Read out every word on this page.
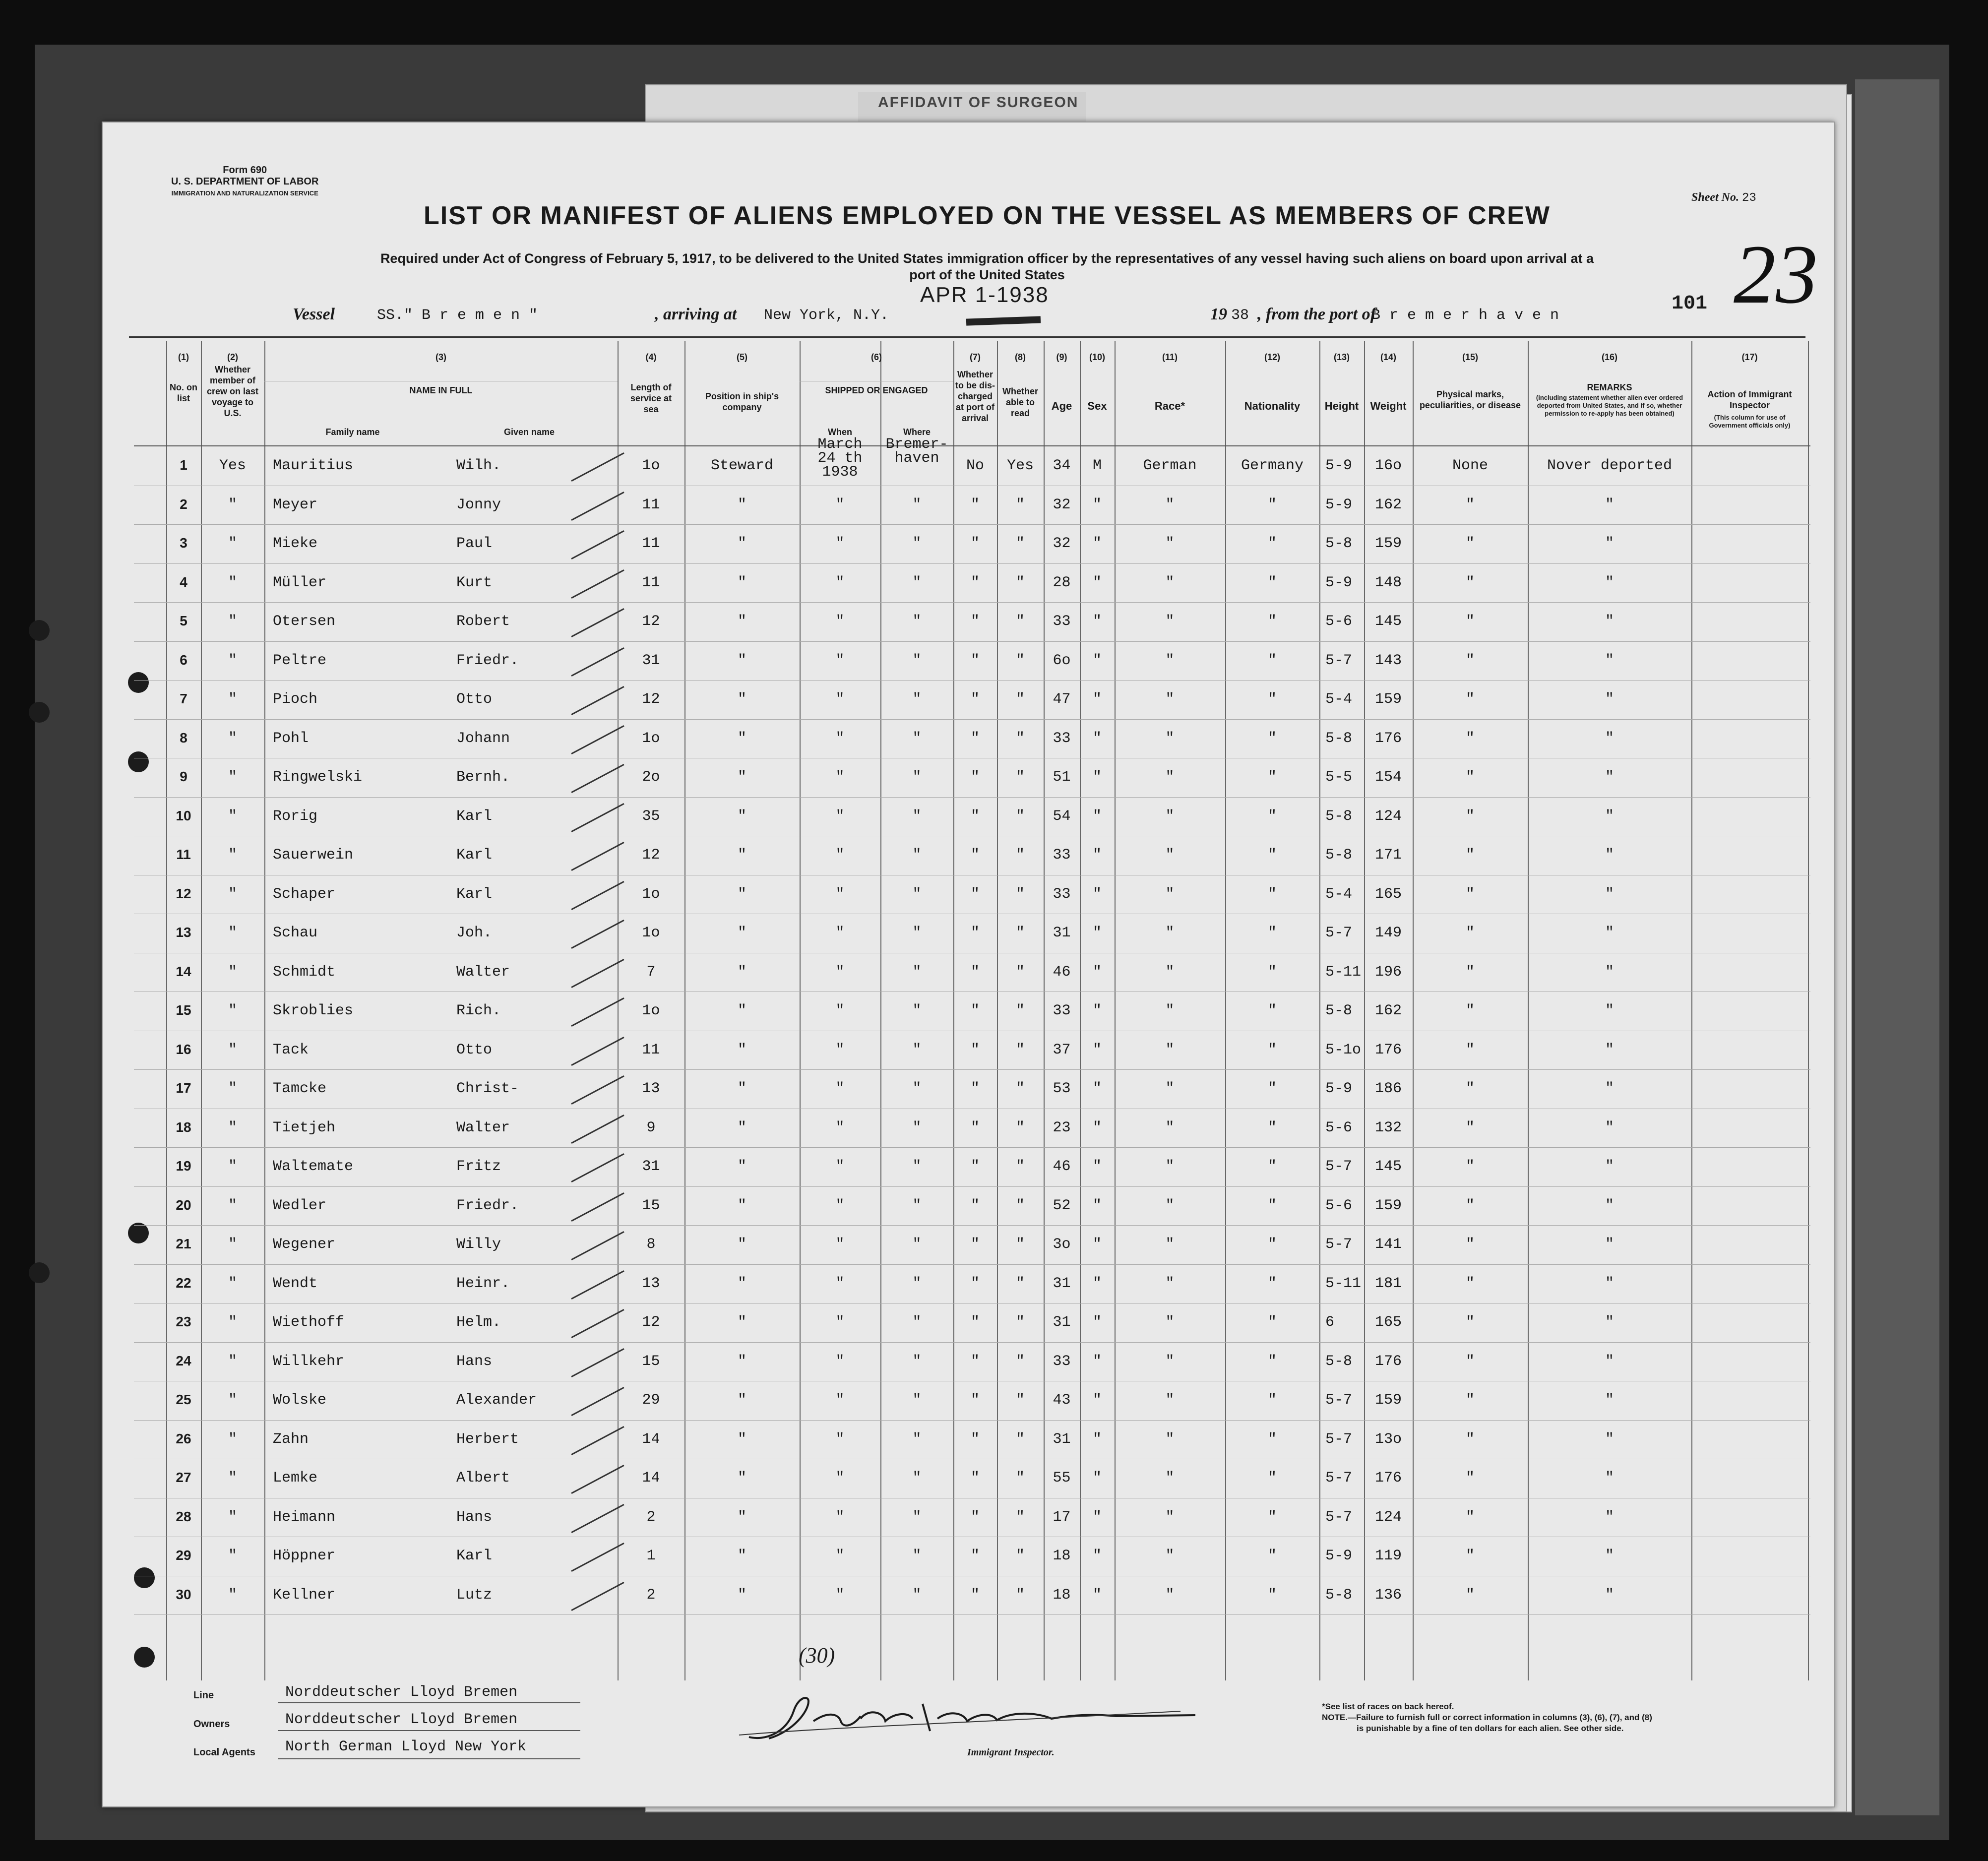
AFFIDAVIT OF SURGEON
Form 690
U. S. DEPARTMENT OF LABOR
IMMIGRATION AND NATURALIZATION SERVICE
LIST OR MANIFEST OF ALIENS EMPLOYED ON THE VESSEL AS MEMBERS OF CREW
Sheet No. 23
Required under Act of Congress of February 5, 1917, to be delivered to the United States immigration officer by the representatives of any vessel having such aliens on board upon arrival at a
port of the United States	23
101
Vessel	SS." B r e m e n "	, arriving at New York, N.Y.
APR 1-1938
19 38 , from the port of
B r e m e r h a v e n
(1)
No. on list
(2)
Whether member of crew on last voyage to U.S.
(3)
NAME IN FULL
Family name	Given name
(4)
Length of service at sea
(5)
Position in ship's company
(6)
SHIPPED OR ENGAGED
When	Where
(7)
Whether to be dis-charged at port of arrival
(8)
Whether able to read
(9)
Age
(10)
Sex
(11)
Race*
(12)
Nationality
(13)
Height
(14)
Weight
(15)
Physical marks, peculiarities, or disease
(16)
REMARKS
(including statement whether alien ever ordered deported from United States, and if so, whether permission to re-apply has been obtained)
(17)
Action of Immigrant Inspector
(This column for use of Government officials only)
1	Yes	Mauritius	Wilh.	1o	Steward
March
24 th
1938
Bremer-
haven	No	Yes	34	M	German	Germany	5-9	16o	None	Nover deported
2	"	Meyer	Jonny	11	"	"	"	"	"	32	"	"	"	5-9	162	"	"
3	"	Mieke	Paul	11	"	"	"	"	"	32	"	"	"	5-8	159	"	"
4	"	Müller	Kurt	11	"	"	"	"	"	28	"	"	"	5-9	148	"	"
5	"	Otersen	Robert	12	"	"	"	"	"	33	"	"	"	5-6	145	"	"
6	"	Peltre	Friedr.	31	"	"	"	"	"	6o	"	"	"	5-7	143	"	"
7	"	Pioch	Otto	12	"	"	"	"	"	47	"	"	"	5-4	159	"	"
8	"	Pohl	Johann	1o	"	"	"	"	"	33	"	"	"	5-8	176	"	"
9	"	Ringwelski	Bernh.	2o	"	"	"	"	"	51	"	"	"	5-5	154	"	"
10	"	Rorig	Karl	35	"	"	"	"	"	54	"	"	"	5-8	124	"	"
11	"	Sauerwein	Karl	12	"	"	"	"	"	33	"	"	"	5-8	171	"	"
12	"	Schaper	Karl	1o	"	"	"	"	"	33	"	"	"	5-4	165	"	"
13	"	Schau	Joh.	1o	"	"	"	"	"	31	"	"	"	5-7	149	"	"
14	"	Schmidt	Walter	7	"	"	"	"	"	46	"	"	"	5-11 196	"	"
15	"	Skroblies	Rich.	1o	"	"	"	"	"	33	"	"	"	5-8	162	"	"
16	"	Tack	Otto	11	"	"	"	"	"	37	"	"	"	5-1o 176	"	"
17	"	Tamcke	Christ-	13	"	"	"	"	"	53	"	"	"	5-9	186	"	"
18	"	Tietjeh	Walter	9	"	"	"	"	"	23	"	"	"	5-6	132	"	"
19	"	Waltemate	Fritz	31	"	"	"	"	"	46	"	"	"	5-7	145	"	"
20	"	Wedler	Friedr.	15	"	"	"	"	"	52	"	"	"	5-6	159	"	"
21	"	Wegener	Willy	8	"	"	"	"	"	3o	"	"	"	5-7	141	"	"
22	"	Wendt	Heinr.	13	"	"	"	"	"	31	"	"	"	5-11 181	"	"
23	"	Wiethoff	Helm.	12	"	"	"	"	"	31	"	"	"	6	165	"	"
24	"	Willkehr	Hans	15	"	"	"	"	"	33	"	"	"	5-8	176	"	"
25	"	Wolske	Alexander	29	"	"	"	"	"	43	"	"	"	5-7	159	"	"
26	"	Zahn	Herbert	14	"	"	"	"	"	31	"	"	"	5-7	13o	"	"
27	"	Lemke	Albert	14	"	"	"	"	"	55	"	"	"	5-7	176	"	"
28	"	Heimann	Hans	2	"	"	"	"	"	17	"	"	"	5-7	124	"	"
29	"	Höppner	Karl	1	"	"	"	"	"	18	"	"	"	5-9	119	"	"
30	"	Kellner	Lutz	2	"	"	"	"	"	18	"	"	"	5-8	136	"	"
(30)
Line	Norddeutscher Lloyd Bremen
Owners	Norddeutscher Lloyd Bremen
Local Agents North German Lloyd New York	Immigrant Inspector.
*See list of races on back hereof.
NOTE.—Failure to furnish full or correct information in columns (3), (6), (7), and (8)
is punishable by a fine of ten dollars for each alien. See other side.
